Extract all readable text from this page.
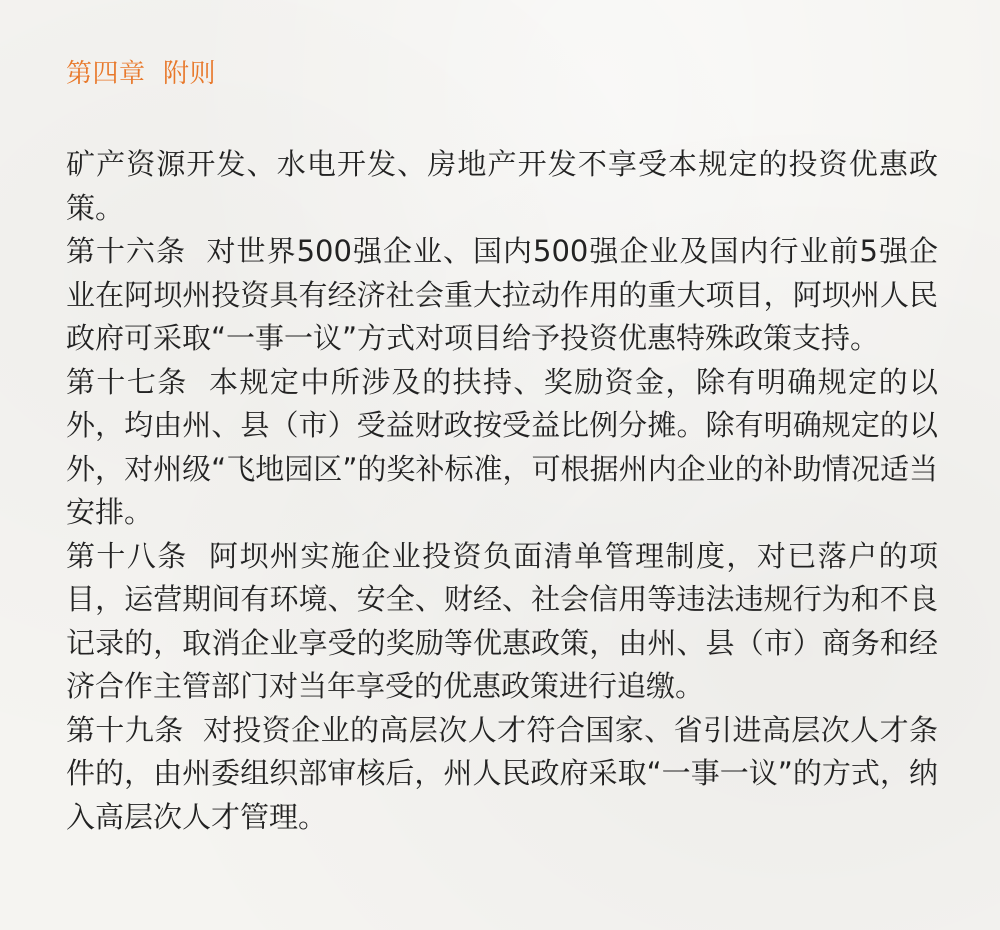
第四章  附则

矿产资源开发、水电开发、房地产开发不享受本规定的投资优惠政策。

第十六条  对世界500强企业、国内500强企业及国内行业前5强企业在阿坝州投资具有经济社会重大拉动作用的重大项目，阿坝州人民政府可采取“一事一议”方式对项目给予投资优惠特殊政策支持。

第十七条  本规定中所涉及的扶持、奖励资金，除有明确规定的以外，均由州、县（市）受益财政按受益比例分摊。除有明确规定的以外，对州级“飞地园区”的奖补标准，可根据州内企业的补助情况适当安排。

第十八条  阿坝州实施企业投资负面清单管理制度，对已落户的项目，运营期间有环境、安全、财经、社会信用等违法违规行为和不良记录的，取消企业享受的奖励等优惠政策，由州、县（市）商务和经济合作主管部门对当年享受的优惠政策进行追缴。

第十九条  对投资企业的高层次人才符合国家、省引进高层次人才条件的，由州委组织部审核后，州人民政府采取“一事一议”的方式，纳入高层次人才管理。
